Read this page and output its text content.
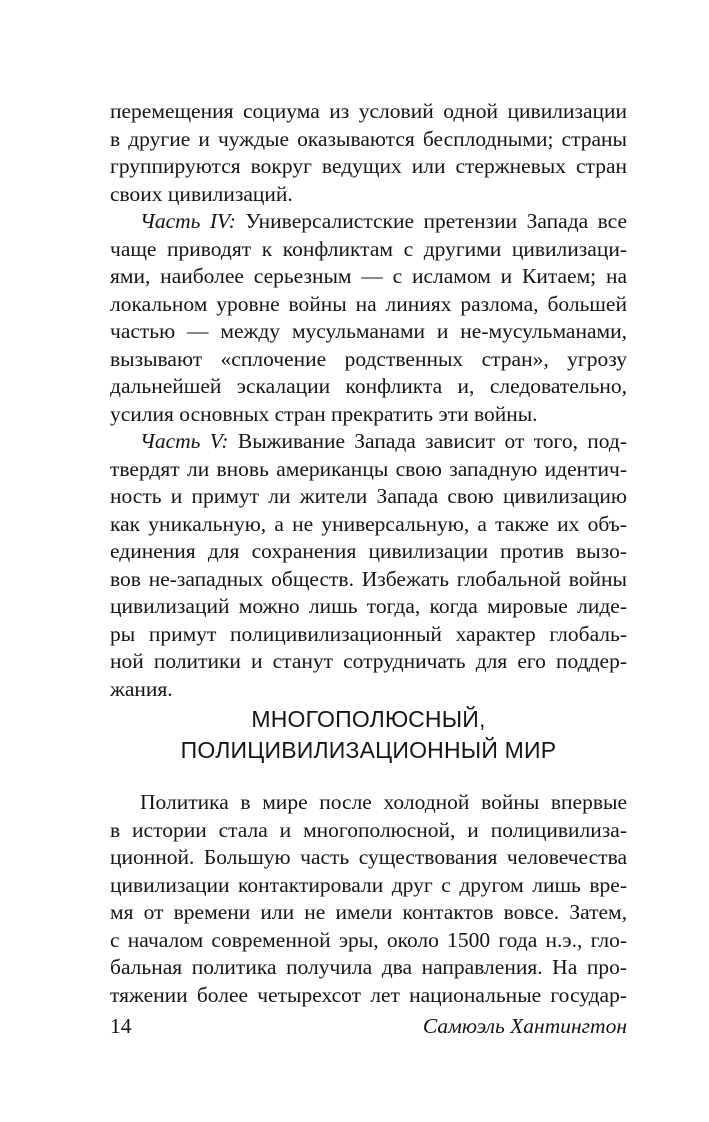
перемещения социума из условий одной цивилизации
в другие и чуждые оказываются бесплодными; страны
группируются вокруг ведущих или стержневых стран
своих цивилизаций.
Часть IV: Универсалистские претензии Запада все
чаще приводят к конфликтам с другими цивилизаци-
ями, наиболее серьезным — с исламом и Китаем; на
локальном уровне войны на линиях разлома, большей
частью — между мусульманами и не-мусульманами,
вызывают «сплочение родственных стран», угрозу
дальнейшей эскалации конфликта и, следовательно,
усилия основных стран прекратить эти войны.
Часть V: Выживание Запада зависит от того, под-
твердят ли вновь американцы свою западную идентич-
ность и примут ли жители Запада свою цивилизацию
как уникальную, а не универсальную, а также их объ-
единения для сохранения цивилизации против вызо-
вов не-западных обществ. Избежать глобальной войны
цивилизаций можно лишь тогда, когда мировые лиде-
ры примут полицивилизационный характер глобаль-
ной политики и станут сотрудничать для его поддер-
жания.
МНОГОПОЛЮСНЫЙ,
ПОЛИЦИВИЛИЗАЦИОННЫЙ МИР
Политика в мире после холодной войны впервые
в истории стала и многополюсной, и полицивилиза-
ционной. Большую часть существования человечества
цивилизации контактировали друг с другом лишь вре-
мя от времени или не имели контактов вовсе. Затем,
с началом современной эры, около 1500 года н.э., гло-
бальная политика получила два направления. На про-
тяжении более четырехсот лет национальные государ-
14	Самюэль Хантингтон
